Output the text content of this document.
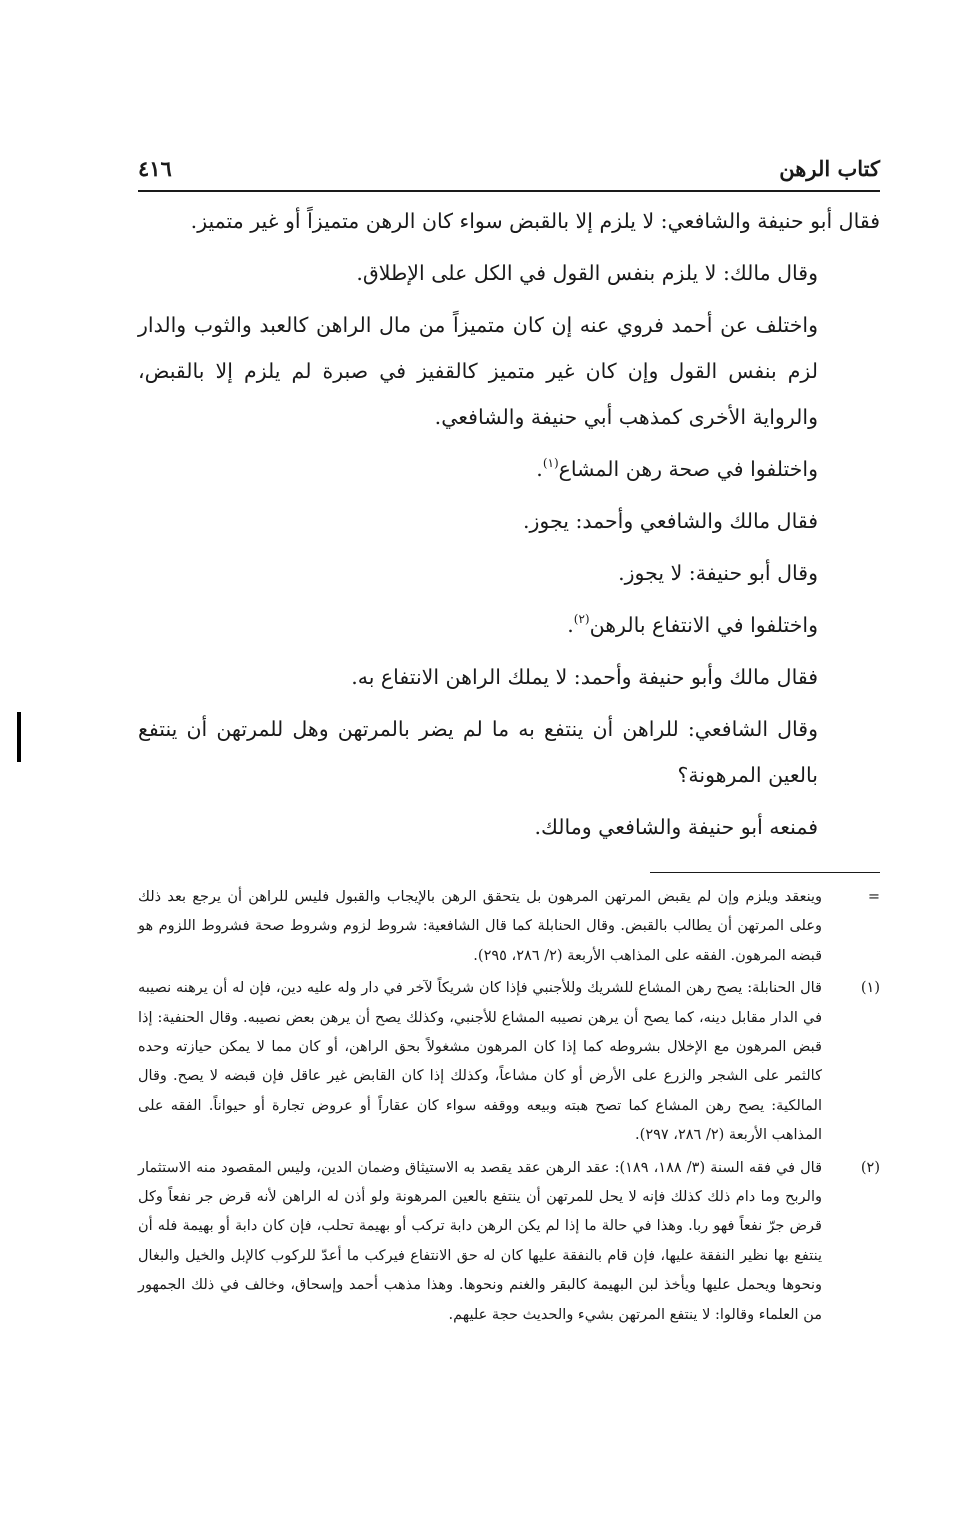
كتاب الرهن
٤١٦

فقال أبو حنيفة والشافعي: لا يلزم إلا بالقبض سواء كان الرهن متميزاً أو غير متميز.

وقال مالك: لا يلزم بنفس القول في الكل على الإطلاق.

واختلف عن أحمد فروي عنه إن كان متميزاً من مال الراهن كالعبد والثوب والدار لزم بنفس القول وإن كان غير متميز كالقفيز في صبرة لم يلزم إلا بالقبض، والرواية الأخرى كمذهب أبي حنيفة والشافعي.

واختلفوا في صحة رهن المشاع$^{(١)}$.

فقال مالك والشافعي وأحمد: يجوز.

وقال أبو حنيفة: لا يجوز.

واختلفوا في الانتفاع بالرهن$^{(٢)}$.

فقال مالك وأبو حنيفة وأحمد: لا يملك الراهن الانتفاع به.

وقال الشافعي: للراهن أن ينتفع به ما لم يضر بالمرتهن وهل للمرتهن أن ينتفع بالعين المرهونة؟

فمنعه أبو حنيفة والشافعي ومالك.

=
وينعقد ويلزم وإن لم يقبض المرتهن المرهون بل يتحقق الرهن بالإيجاب والقبول فليس للراهن أن يرجع بعد ذلك وعلى المرتهن أن يطالب بالقبض. وقال الحنابلة كما قال الشافعية: شروط لزوم وشروط صحة فشروط اللزوم هو قبضه المرهون. الفقه على المذاهب الأربعة (٢/ ٢٨٦، ٢٩٥).
(١)
قال الحنابلة: يصح رهن المشاع للشريك وللأجنبي فإذا كان شريكاً لآخر في دار وله عليه دين، فإن له أن يرهنه نصيبه في الدار مقابل دينه، كما يصح أن يرهن نصيبه المشاع للأجنبي، وكذلك يصح أن يرهن بعض نصيبه. وقال الحنفية: إذا قبض المرهون مع الإخلال بشروطه كما إذا كان المرهون مشغولاً بحق الراهن، أو كان مما لا يمكن حيازته وحده كالثمر على الشجر والزرع على الأرض أو كان مشاعاً، وكذلك إذا كان القابض غير عاقل فإن قبضه لا يصح. وقال المالكية: يصح رهن المشاع كما تصح هبته وبيعه ووقفه سواء كان عقاراً أو عروض تجارة أو حيواناً. الفقه على المذاهب الأربعة (٢/ ٢٨٦، ٢٩٧).
(٢)
قال في فقه السنة (٣/ ١٨٨، ١٨٩): عقد الرهن عقد يقصد به الاستيثاق وضمان الدين، وليس المقصود منه الاستثمار والربح وما دام ذلك كذلك فإنه لا يحل للمرتهن أن ينتفع بالعين المرهونة ولو أذن له الراهن لأنه قرض جر نفعاً وكل قرض جرّ نفعاً فهو ربا. وهذا في حالة ما إذا لم يكن الرهن دابة تركب أو بهيمة تحلب، فإن كان دابة أو بهيمة فله أن ينتفع بها نظير النفقة عليها، فإن قام بالنفقة عليها كان له حق الانتفاع فيركب ما أعدّ للركوب كالإبل والخيل والبغال ونحوها ويحمل عليها ويأخذ لبن البهيمة كالبقر والغنم ونحوها. وهذا مذهب أحمد وإسحاق، وخالف في ذلك الجمهور من العلماء وقالوا: لا ينتفع المرتهن بشيء والحديث حجة عليهم.
